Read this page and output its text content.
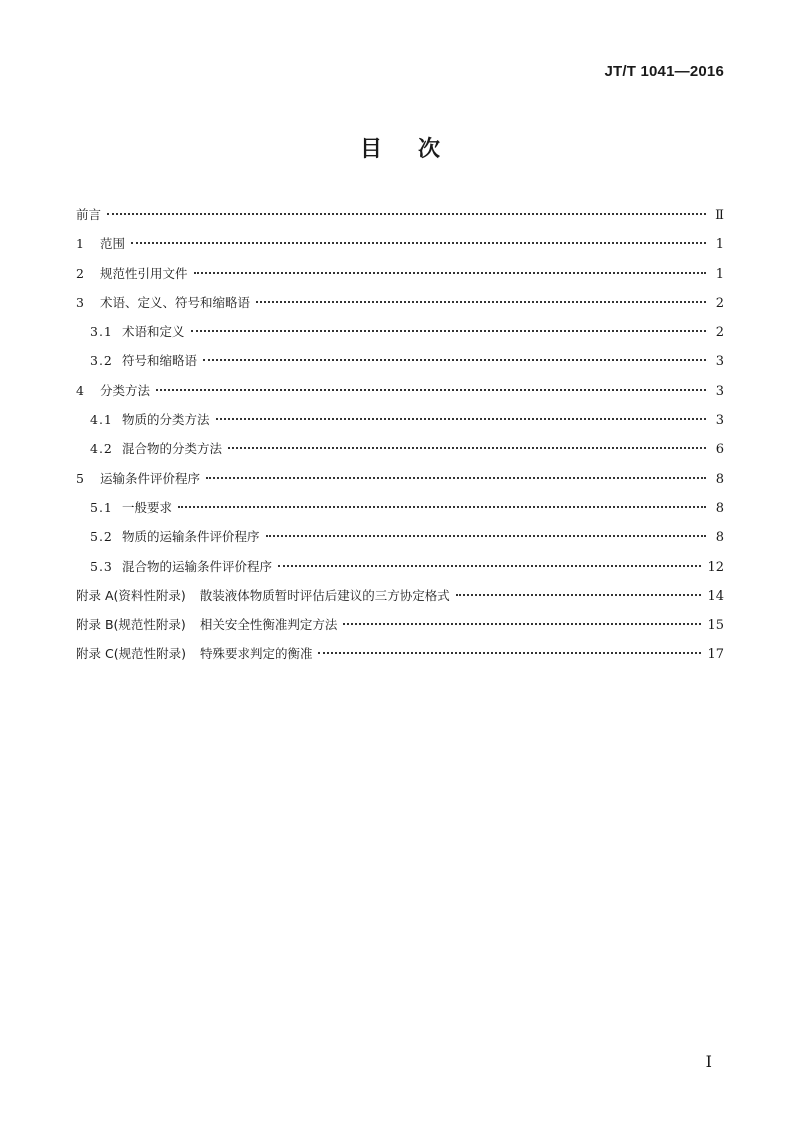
JT/T 1041—2016
目次
前言	Ⅱ
1	范围	1
2	规范性引用文件	1
3	术语、定义、符号和缩略语	2
3.1 术语和定义	2
3.2 符号和缩略语	3
4	分类方法	3
4.1 物质的分类方法	3
4.2 混合物的分类方法	6
5	运输条件评价程序	8
5.1 一般要求	8
5.2 物质的运输条件评价程序	8
5.3 混合物的运输条件评价程序	12
附录 A(资料性附录) 散装液体物质暂时评估后建议的三方协定格式	14
附录 B(规范性附录) 相关安全性衡准判定方法	15
附录 C(规范性附录) 特殊要求判定的衡准	17
I
